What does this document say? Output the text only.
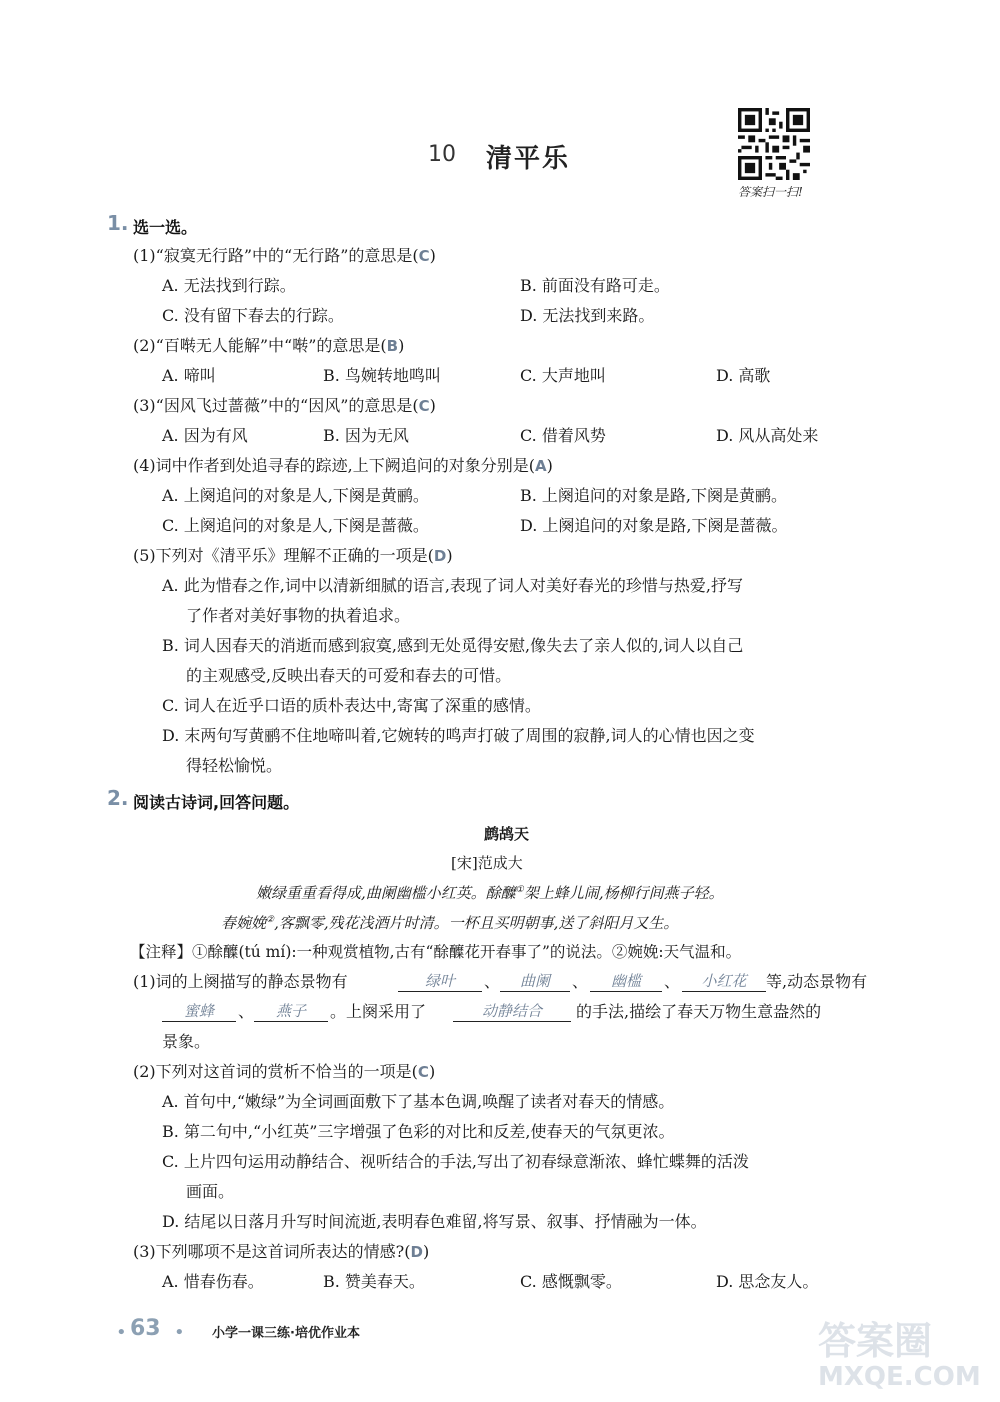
10 清平乐
答案扫一扫!
1. 选一选。
(1)“寂寞无行路”中的“无行路”的意思是(C)
A. 无法找到行踪。	B. 前面没有路可走。
C. 没有留下春去的行踪。	D. 无法找到来路。
(2)“百啭无人能解”中“啭”的意思是(B)
A. 啼叫	B. 鸟婉转地鸣叫	C. 大声地叫	D. 高歌
(3)“因风飞过蔷薇”中的“因风”的意思是(C)
A. 因为有风	B. 因为无风	C. 借着风势	D. 风从高处来
(4)词中作者到处追寻春的踪迹,上下阙追问的对象分别是(A)
A. 上阕追问的对象是人,下阕是黄鹂。	B. 上阕追问的对象是路,下阕是黄鹂。
C. 上阕追问的对象是人,下阕是蔷薇。	D. 上阕追问的对象是路,下阕是蔷薇。
(5)下列对《清平乐》理解不正确的一项是(D)
A. 此为惜春之作,词中以清新细腻的语言,表现了词人对美好春光的珍惜与热爱,抒写
了作者对美好事物的执着追求。
B. 词人因春天的消逝而感到寂寞,感到无处觅得安慰,像失去了亲人似的,词人以自己
的主观感受,反映出春天的可爱和春去的可惜。
C. 词人在近乎口语的质朴表达中,寄寓了深重的感情。
D. 末两句写黄鹂不住地啼叫着,它婉转的鸣声打破了周围的寂静,词人的心情也因之变
得轻松愉悦。
2. 阅读古诗词,回答问题。
鹧鸪天
[宋]范成大
嫩绿重重看得成,曲阑幽槛小红英。酴醾①架上蜂儿闹,杨柳行间燕子轻。
春婉娩②,客飘零,残花浅酒片时清。一杯且买明朝事,送了斜阳月又生。
【注释】①酴醾(tú mí):一种观赏植物,古有“酴醾花开春事了”的说法。②婉娩:天气温和。
(1)词的上阕描写的静态景物有	绿叶	、	曲阑	、	幽槛	、	小红花	等,动态景物有
蜜蜂	、	燕子	。上阕采用了	动静结合	的手法,描绘了春天万物生意盎然的
景象。
(2)下列对这首词的赏析不恰当的一项是(C)
A. 首句中,“嫩绿”为全词画面敷下了基本色调,唤醒了读者对春天的情感。
B. 第二句中,“小红英”三字增强了色彩的对比和反差,使春天的气氛更浓。
C. 上片四句运用动静结合、视听结合的手法,写出了初春绿意渐浓、蜂忙蝶舞的活泼
画面。
D. 结尾以日落月升写时间流逝,表明春色难留,将写景、叙事、抒情融为一体。
(3)下列哪项不是这首词所表达的情感?(D)
A. 惜春伤春。	B. 赞美春天。	C. 感慨飘零。	D. 思念友人。
• 63 • 小学一课三练·培优作业本	答案圈
MXQE.COM
